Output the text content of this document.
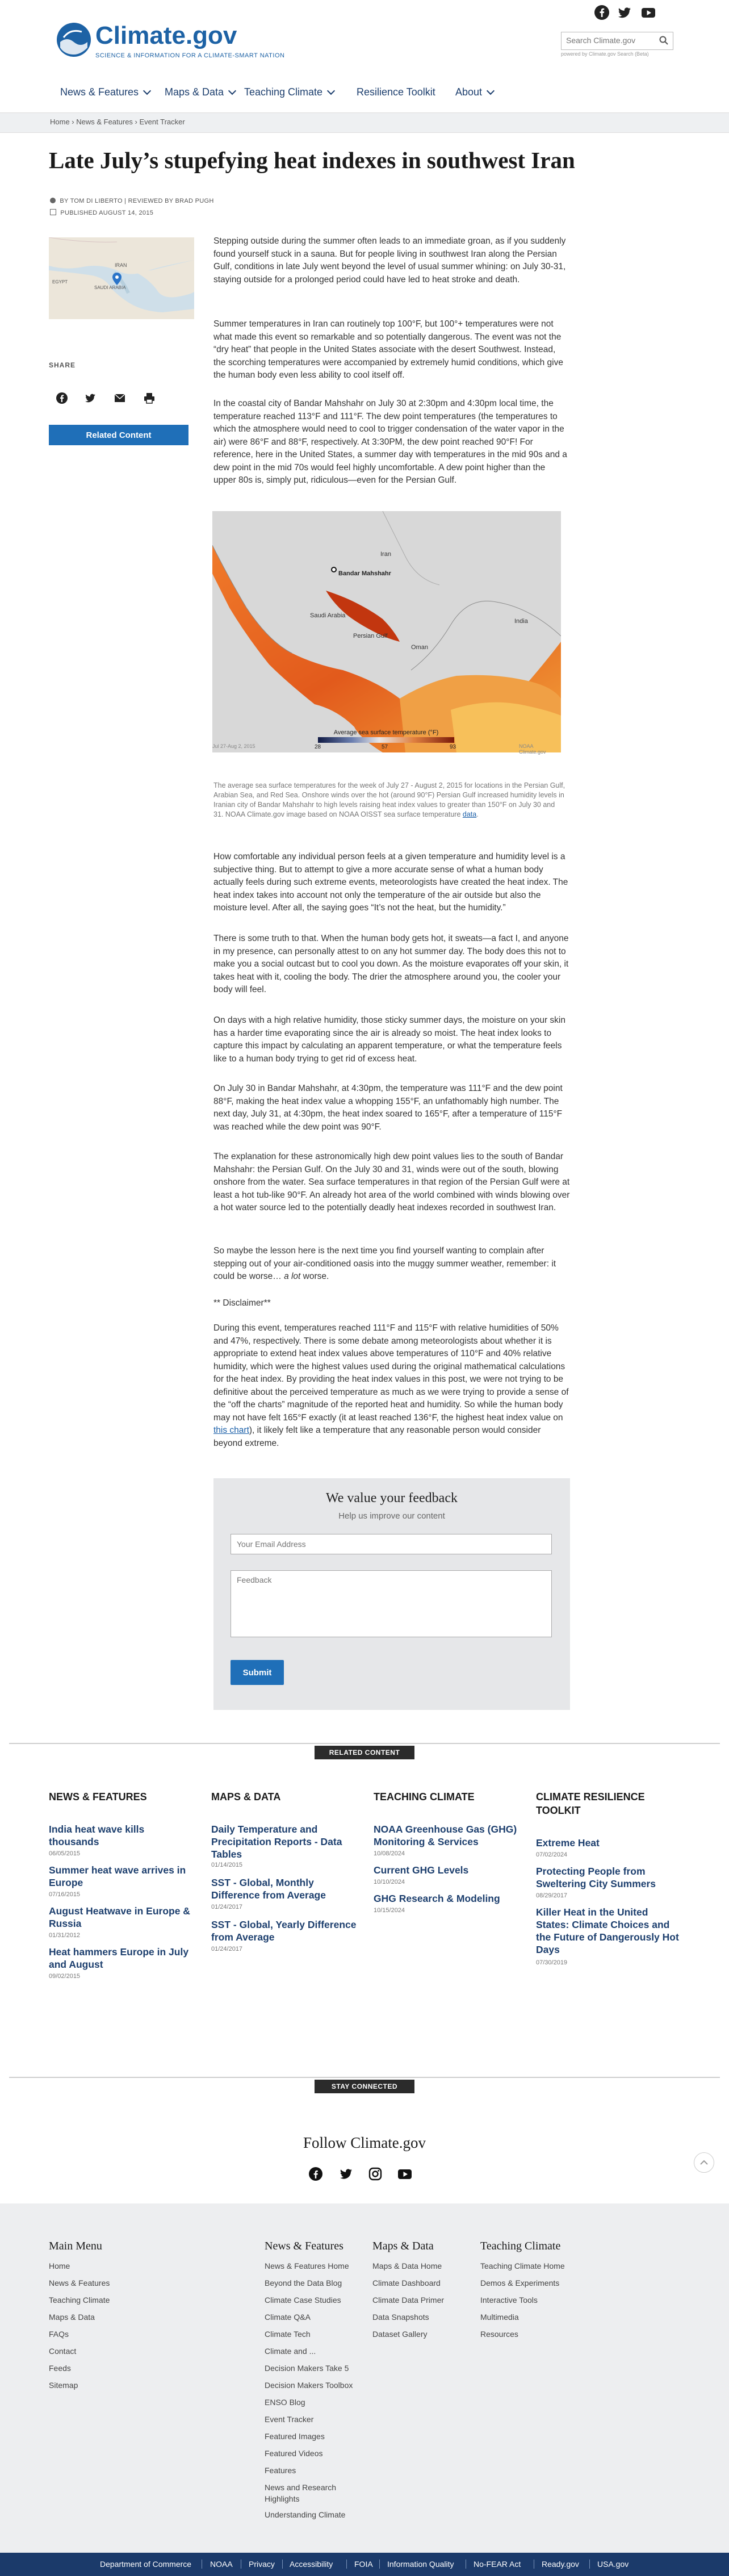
Climate.gov
SCIENCE & INFORMATION FOR A CLIMATE-SMART NATION
Search Climate.gov	powered by Climate.gov Search (Beta)
News & Features	Maps & Data	Teaching Climate	Resilience Toolkit About
Home › News & Features › Event Tracker
Late July’s stupefying heat indexes in southwest Iran
BY TOM DI LIBERTO | REVIEWED BY BRAD PUGH
PUBLISHED AUGUST 14, 2015
IRAN
SAUDI ARABIA
EGYPT
SHARE
Related Content

Stepping outside during the summer often leads to an immediate groan, as if you suddenly found yourself stuck in a sauna. But for people living in southwest Iran along the Persian Gulf, conditions in late July went beyond the level of usual summer whining: on July 30-31, staying outside for a prolonged period could have led to heat stroke and death.

Summer temperatures in Iran can routinely top 100°F, but 100°+ temperatures were not what made this event so remarkable and so potentially dangerous. The event was not the “dry heat” that people in the United States associate with the desert Southwest. Instead, the scorching temperatures were accompanied by extremely humid conditions, which give the human body even less ability to cool itself off.

In the coastal city of Bandar Mahshahr on July 30 at 2:30pm and 4:30pm local time, the temperature reached 113°F and 111°F. The dew point temperatures (the temperatures to which the atmosphere would need to cool to trigger condensation of the water vapor in the air) were 86°F and 88°F, respectively. At 3:30PM, the dew point reached 90°F! For reference, here in the United States, a summer day with temperatures in the mid 90s and a dew point in the mid 70s would feel highly uncomfortable. A dew point higher than the upper 80s is, simply put, ridiculous—even for the Persian Gulf.

Iran
Bandar Mahshahr
Saudi Arabia
Persian Gulf
India
Oman
Jul 27-Aug 2, 2015	NOAA Climate.gov
Average sea surface temperature (°F)
28	57	93
The average sea surface temperatures for the week of July 27 - August 2, 2015 for locations in the Persian Gulf, Arabian Sea, and Red Sea. Onshore winds over the hot (around 90°F) Persian Gulf increased humidity levels in Iranian city of Bandar Mahshahr to high levels raising heat index values to greater than 150°F on July 30 and 31. NOAA Climate.gov image based on NOAA OISST sea surface temperature data.

How comfortable any individual person feels at a given temperature and humidity level is a subjective thing. But to attempt to give a more accurate sense of what a human body actually feels during such extreme events, meteorologists have created the heat index. The heat index takes into account not only the temperature of the air outside but also the moisture level. After all, the saying goes “It’s not the heat, but the humidity.”

There is some truth to that. When the human body gets hot, it sweats—a fact I, and anyone in my presence, can personally attest to on any hot summer day. The body does this not to make you a social outcast but to cool you down. As the moisture evaporates off your skin, it takes heat with it, cooling the body. The drier the atmosphere around you, the cooler your body will feel.

On days with a high relative humidity, those sticky summer days, the moisture on your skin has a harder time evaporating since the air is already so moist. The heat index looks to capture this impact by calculating an apparent temperature, or what the temperature feels like to a human body trying to get rid of excess heat.

On July 30 in Bandar Mahshahr, at 4:30pm, the temperature was 111°F and the dew point 88°F, making the heat index value a whopping 155°F, an unfathomably high number. The next day, July 31, at 4:30pm, the heat index soared to 165°F, after a temperature of 115°F was reached while the dew point was 90°F.

The explanation for these astronomically high dew point values lies to the south of Bandar Mahshahr: the Persian Gulf. On the July 30 and 31, winds were out of the south, blowing onshore from the water. Sea surface temperatures in that region of the Persian Gulf were at least a hot tub-like 90°F. An already hot area of the world combined with winds blowing over a hot water source led to the potentially deadly heat indexes recorded in southwest Iran.

So maybe the lesson here is the next time you find yourself wanting to complain after stepping out of your air-conditioned oasis into the muggy summer weather, remember: it could be worse… a lot worse.

** Disclaimer**

During this event, temperatures reached 111°F and 115°F with relative humidities of 50% and 47%, respectively. There is some debate among meteorologists about whether it is appropriate to extend heat index values above temperatures of 110°F and 40% relative humidity, which were the highest values used during the original mathematical calculations for the heat index. By providing the heat index values in this post, we were not trying to be definitive about the perceived temperature as much as we were trying to provide a sense of the “off the charts” magnitude of the reported heat and humidity. So while the human body may not have felt 165°F exactly (it at least reached 136°F, the highest heat index value on this chart), it likely felt like a temperature that any reasonable person would consider beyond extreme.

We value your feedback
Help us improve our content
Your Email Address
Feedback
Submit
RELATED CONTENT
NEWS & FEATURES
India heat wave kills thousands
06/05/2015
Summer heat wave arrives in Europe
07/16/2015
August Heatwave in Europe & Russia
01/31/2012
Heat hammers Europe in July and August
09/02/2015
MAPS & DATA
Daily Temperature and Precipitation Reports - Data Tables
01/14/2015
SST - Global, Monthly Difference from Average
01/24/2017
SST - Global, Yearly Difference from Average
01/24/2017
TEACHING CLIMATE
NOAA Greenhouse Gas (GHG) Monitoring & Services
10/08/2024
Current GHG Levels
10/10/2024
GHG Research & Modeling
10/15/2024
CLIMATE RESILIENCE TOOLKIT
Extreme Heat
07/02/2024
Protecting People from Sweltering City Summers
08/29/2017
Killer Heat in the United States: Climate Choices and the Future of Dangerously Hot Days
07/30/2019
STAY CONNECTED
Follow Climate.gov
Main Menu
Home
News & Features
Teaching Climate
Maps & Data
FAQs
Contact
Feeds
Sitemap
News & Features
News & Features Home
Beyond the Data Blog
Climate Case Studies
Climate Q&A
Climate Tech
Climate and ...
Decision Makers Take 5
Decision Makers Toolbox
ENSO Blog
Event Tracker
Featured Images
Featured Videos
Features
News and Research Highlights
Understanding Climate
Maps & Data
Maps & Data Home
Climate Dashboard
Climate Data Primer
Data Snapshots
Dataset Gallery
Teaching Climate
Teaching Climate Home
Demos & Experiments
Interactive Tools
Multimedia
Resources
Department of Commerce NOAA Privacy Accessibility	FOIA Information Quality No-FEAR Act	Ready.gov USA.gov
